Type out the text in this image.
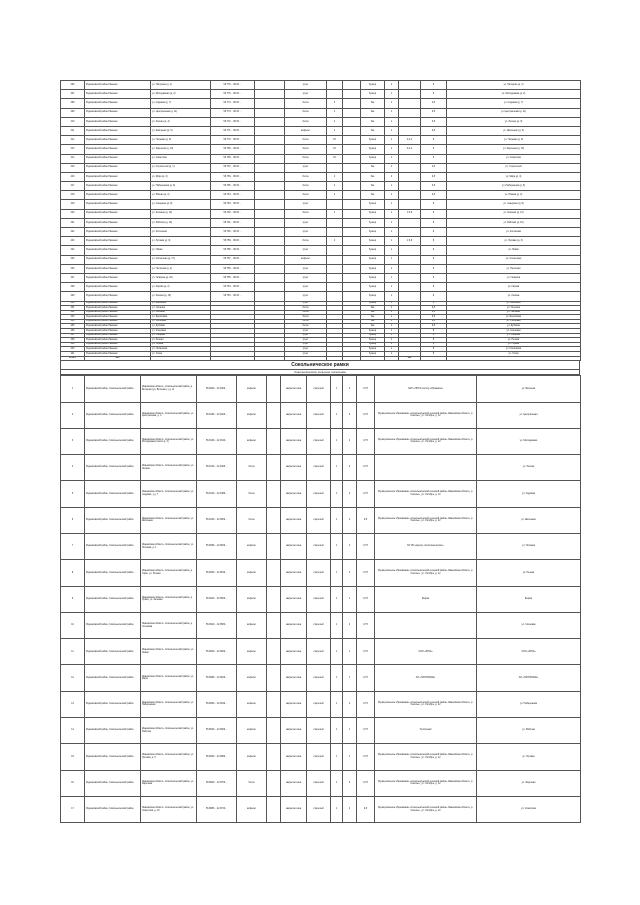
406	Родниковский район Раменки	ул. Нагорная (д. 1)	56.776... 38.03 ...		грунт			бункер	1		8	ул. Нагорная (д. 1)
407	Родниковский район Раменки	ул. Молодёжная (д. 2)	56.775... 38.03 ...		грунт			бункер	1		8	ул. Молодёжная (д. 2)
408	Родниковский район Раменки	ул. Садовая (д. 7)	56.774... 38.03 ...		бетон	2		бак	1		0,8	ул. Садовая (д. 7)
409	Родниковский район Раменки	ул. Центральная (д. 11)	56.773... 38.03 ...		бетон	4		бак	1		0,8	ул. Центральная (д. 11)
410	Родниковский район Раменки	ул. Лесная (д. 3)	56.772... 38.03 ...		бетон	4		бак	1		0,8	ул. Лесная (д. 3)
411	Родниковский район Раменки	ул. Школьная (д. 5)	56.771... 38.03 ...		асфальт	1		бак	1		0,8	ул. Школьная (д. 5)
412	Родниковский район Раменки	ул. Полевая (д. 9)	56.770... 38.03 ...		бетон	15		бункер	1	4,0-4	8	ул. Полевая (д. 9)
413	Родниковский район Раменки	ул. Заречная (д. 13)	56.769... 38.03 ...		бетон	15		бункер	1	4,0-4	8	ул. Заречная (д. 13)
414	Родниковский район Раменки	ул. Советская	56.768... 38.03 ...		бетон	15		бункер	1		8	ул. Советская
415	Родниковский район Раменки	ул. Строителей (д. 1)	56.767... 38.03 ...		грунт			бак	4		0,8	ул. Строителей
416	Родниковский район Раменки	ул. Мира (д. 4)	56.766... 38.03 ...		бетон	4		бак	2		0,8	ул. Мира (д. 4)
417	Родниковский район Раменки	ул. Набережная (д. 6)	56.765... 38.03 ...		бетон	4		бак	1		0,8	ул. Набережная (д. 6)
418	Родниковский район Раменки	ул. Южная (д. 2)	56.764... 38.03 ...		бетон	4		бак	1		0,8	ул. Южная (д. 2)
419	Родниковский район Раменки	ул. Северная (д. 8)	56.763... 38.03 ...		грунт			бункер	1		8	ул. Северная (д. 8)
420	Родниковский район Раменки	ул. Зелёная (д. 12)	56.762... 38.03 ...		бетон	4		бункер	1	1,5-8	8	ул. Зелёная (д. 12)
421	Родниковский район Раменки	ул. Рабочая (д. 10)	56.761... 38.03 ...		грунт			бункер	1		8	ул. Рабочая (д. 10)
422	Родниковский район Раменки	ул. Колхозная	56.760... 38.03 ...		грунт			бункер	1		8	ул. Колхозная
423	Родниковский район Раменки	ул. Луговая (д. 3)	56.759... 38.03 ...		бетон	4		бункер	1	1,5-8	8	ул. Луговая (д. 3)
424	Родниковский район Раменки	ул. Новая	56.758... 38.03 ...		грунт			бункер	1		8	ул. Новая
425	Родниковский район Раменки	ул. Солнечная (д. 17)	56.757... 38.03 ...		асфальт			бункер	1		8	ул. Солнечная
426	Родниковский район Раменки	ул. Песочная (д. 4)	56.756... 38.03 ...		грунт			бункер	1		8	ул. Песочная
427	Родниковский район Раменки	ул. Гагарина (д. 20)	56.755... 38.03 ...		грунт			бункер	1		8	ул. Гагарина
428	Родниковский район Раменки	ул. Кирова (д. 2)	56.754... 38.03 ...		грунт			бункер	1		8	ул. Кирова
429	Родниковский район Раменки	ул. Ленина (д. 15)	56.753... 38.03 ...		грунт			бункер	1		8	ул. Ленина
430	Родниковский район Раменки	ул. Весенняя			грунт			бункер	1		8	ул. Весенняя
431	Родниковский район Раменки	ул. Осенняя			бетон			бак	1		0,8	ул. Осенняя
432	Родниковский район Раменки	ул. Липовая			бетон			бак	1		0,8	ул. Липовая
433	Родниковский район Раменки	ул. Берёзовая			бетон			бак	1		0,8	ул. Берёзовая
434	Родниковский район Раменки	ул. Сосновая			бетон			бак	1		0,8	ул. Сосновая
435	Родниковский район Раменки	ул. Дубовая			бетон			бак	1		0,8	ул. Дубовая
436	Родниковский район Раменки	ул. Кленовая			грунт			бункер	1		8	ул. Кленовая
437	Родниковский район Раменки	ул. Озёрная			грунт			бункер	1		8	ул. Озёрная
438	Родниковский район Раменки	ул. Речная			грунт			бункер	1		8	ул. Речная
439	Родниковский район Раменки	ул. Горная			грунт			бункер	1		8	ул. Горная
440	Родниковский район Раменки	ул. Полянская			грунт			бункер	1		8	ул. Полянская
441	Родниковский район Раменки	ул. Тихая			грунт			бункер	1		8	ул. Тихая
Итого	335									431		
Сокольническое рамки
Сокольническое сельское поселение
1	Родниковский район, Сокольнический район	Ивановская область, Сокольнический район, д. Ветюшки (ул. Ветюшки, у д. 2)	56.9200... 42.0400...	асфальт		закрытая зона	открытый	1	2	0,75	ЗАО «НПСК Сектор «Прованса»	ул. Ветюшки
2	Родниковский район, Сокольнический район	Ивановская область, Сокольнический район, ул. Центральная, д. 4	56.9180... 42.0420...	асфальт		закрытая зона	открытый	1	2	0,75	Муниципальное образование «Сокольнический сельский район» Ивановская область, р. Сокольн., ул. Октябрь, д. 12	ул. Центральная
3	Родниковский район, Сокольнический район	Ивановская область, Сокольнический район, ул. Молодёжная (около д. 3)	56.9160... 42.0440...	асфальт		закрытая зона	открытый	1	2	0,75	Муниципальное образование «Сокольнический сельский район» Ивановская область, р. Сокольн., ул. Октябрь, д. 12	ул. Молодёжная
4	Родниковский район, Сокольнический район	Ивановская область, Сокольнический район, ул. Лесная	56.9140... 42.0460...	бетон		закрытая зона	открытый	1	2	0,75		ул. Лесная
5	Родниковский район, Сокольнический район	Ивановская область, Сокольнический район, ул. Садовая, у д. 7	56.9120... 42.0480...	бетон		закрытая зона	открытый	1	2	0,75	Муниципальное образование «Сокольнический сельский район» Ивановская область, р. Сокольн., ул. Октябрь, д. 12	ул. Садовая
6	Родниковский район, Сокольнический район	Ивановская область, Сокольнический район, ул. Школьная	56.9100... 42.0500...	бетон		закрытая зона	открытый	1	2	0,8	Муниципальное образование «Сокольнический сельский район» Ивановская область, р. Сокольн., ул. Октябрь, д. 12	ул. Школьная
7	Родниковский район, Сокольнический район	Ивановская область, Сокольнический район, ул. Полевая, д. 1	56.9080... 42.0520...	асфальт		закрытая зона	открытый	1	2	0,75	БУ ИО «Центр «Сокольническое»	ул. Полевая
8	Родниковский район, Сокольнический район	Ивановская область, Сокольнический район, д. Горки, ул. Речная	56.9060... 42.0540...	асфальт		закрытая зона	открытый	1	2	0,75	Муниципальное образование «Сокольнический сельский район» Ивановская область, р. Сокольн., ул. Октябрь, д. 12	ул. Речная
9	Родниковский район, Сокольнический район	Ивановская область, Сокольнический район, д. Лужки, ул. Зелёная	56.9040... 42.0560...	асфальт		закрытая зона	открытый	1	1	0,75	Ферма	Ферма
10	Родниковский район, Сокольнический район	Ивановская область, Сокольнический район, д. Сосновка	56.9020... 42.0580...	асфальт		закрытая зона	открытый	1	2	0,75		ул. Сосновая
11	Родниковский район, Сокольнический район	Ивановская область, Сокольнический район, ул. Новая	56.9000... 42.0600...	асфальт		закрытая зона	открытый	1	1	0,75	ООО «ЮНА»	ООО «ЮНА»
12	Родниковский район, Сокольнический район	Ивановская область, Сокольнический район, ул. Мира	56.8980... 42.0620...	асфальт		закрытая зона	открытый	1	1	0,75	АО «ПАНОРАМА»	АО «ПАНОРАМА»
13	Родниковский район, Сокольнический район	Ивановская область, Сокольнический район, ул. Набережная	56.8960... 42.0640...	асфальт		закрытая зона	открытый	1	2	0,75	Муниципальное образование «Сокольнический сельский район» Ивановская область, р. Сокольн., ул. Октябрь, д. 12	ул. Набережная
14	Родниковский район, Сокольнический район	Ивановская область, Сокольнический район, ул. Рабочая	56.8940... 42.0660...	асфальт		закрытая зона	открытый	1	1	0,75	Тепличный	ул. Рабочая
15	Родниковский район, Сокольнический район	Ивановская область, Сокольнический район, ул. Луговая, д. 5	56.8920... 42.0680...	асфальт		закрытая зона	открытый	1	1	0,75	Муниципальное образование «Сокольнический сельский район» Ивановская область, р. Сокольн., ул. Октябрь, д. 12	ул. Луговая
16	Родниковский район, Сокольнический район	Ивановская область, Сокольнический район, ул. Заречная	56.8900... 42.0700...	бетон		закрытая зона	открытый	1	2	0,75	Муниципальное образование «Сокольнический сельский район» Ивановская область, р. Сокольн., ул. Октябрь, д. 12	ул. Заречная
17	Родниковский район, Сокольнический район	Ивановская область, Сокольнический район, ул. Советская, д. 15	56.8880... 42.0720...	асфальт		закрытая зона	открытый	1	2	0,8	Муниципальное образование «Сокольнический сельский район» Ивановская область, р. Сокольн., ул. Октябрь, д. 12	ул. Советская
